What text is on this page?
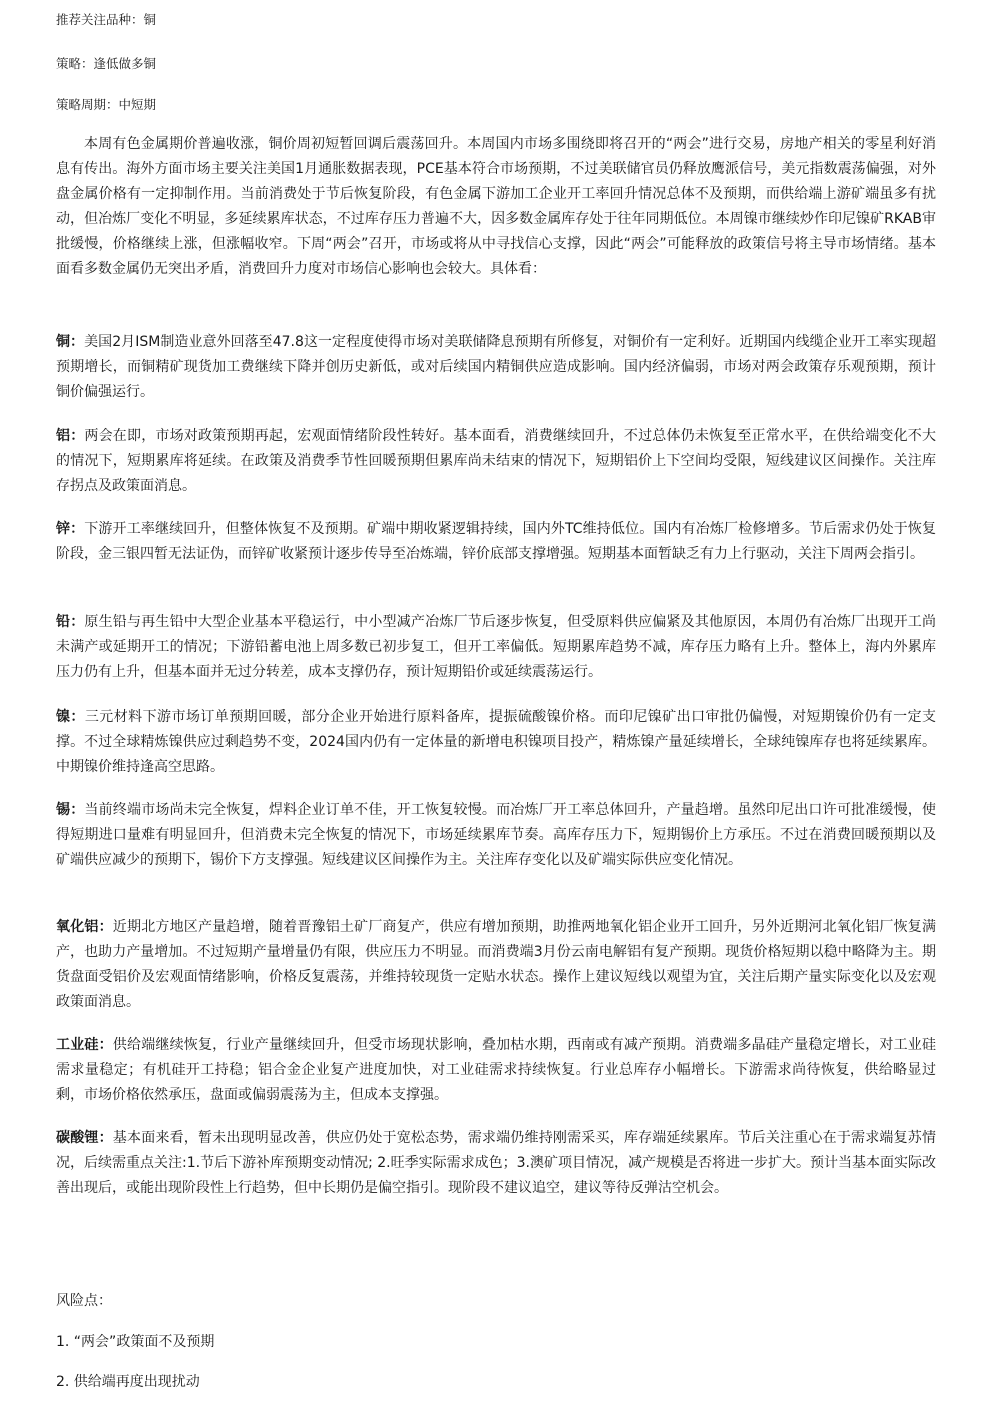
推荐关注品种：铜
策略：逢低做多铜
策略周期：中短期

本周有色金属期价普遍收涨，铜价周初短暂回调后震荡回升。本周国内市场多围绕即将召开的“两会”进行交易，房地产相关的零星利好消息有传出。海外方面市场主要关注美国1月通胀数据表现，PCE基本符合市场预期，不过美联储官员仍释放鹰派信号，美元指数震荡偏强，对外盘金属价格有一定抑制作用。当前消费处于节后恢复阶段，有色金属下游加工企业开工率回升情况总体不及预期，而供给端上游矿端虽多有扰动，但冶炼厂变化不明显，多延续累库状态，不过库存压力普遍不大，因多数金属库存处于往年同期低位。本周镍市继续炒作印尼镍矿RKAB审批缓慢，价格继续上涨，但涨幅收窄。下周“两会”召开，市场或将从中寻找信心支撑，因此“两会”可能释放的政策信号将主导市场情绪。基本面看多数金属仍无突出矛盾，消费回升力度对市场信心影响也会较大。具体看：

铜：美国2月ISM制造业意外回落至47.8这一定程度使得市场对美联储降息预期有所修复，对铜价有一定利好。近期国内线缆企业开工率实现超预期增长，而铜精矿现货加工费继续下降并创历史新低，或对后续国内精铜供应造成影响。国内经济偏弱，市场对两会政策存乐观预期，预计铜价偏强运行。

铝：两会在即，市场对政策预期再起，宏观面情绪阶段性转好。基本面看，消费继续回升，不过总体仍未恢复至正常水平，在供给端变化不大的情况下，短期累库将延续。在政策及消费季节性回暖预期但累库尚未结束的情况下，短期铝价上下空间均受限，短线建议区间操作。关注库存拐点及政策面消息。

锌：下游开工率继续回升，但整体恢复不及预期。矿端中期收紧逻辑持续，国内外TC维持低位。国内有冶炼厂检修增多。节后需求仍处于恢复阶段，金三银四暂无法证伪，而锌矿收紧预计逐步传导至冶炼端，锌价底部支撑增强。短期基本面暂缺乏有力上行驱动，关注下周两会指引。

铅：原生铅与再生铅中大型企业基本平稳运行，中小型减产冶炼厂节后逐步恢复，但受原料供应偏紧及其他原因，本周仍有冶炼厂出现开工尚未满产或延期开工的情况；下游铅蓄电池上周多数已初步复工，但开工率偏低。短期累库趋势不减，库存压力略有上升。整体上，海内外累库压力仍有上升，但基本面并无过分转差，成本支撑仍存，预计短期铅价或延续震荡运行。

镍：三元材料下游市场订单预期回暖，部分企业开始进行原料备库，提振硫酸镍价格。而印尼镍矿出口审批仍偏慢，对短期镍价仍有一定支撑。不过全球精炼镍供应过剩趋势不变，2024国内仍有一定体量的新增电积镍项目投产，精炼镍产量延续增长，全球纯镍库存也将延续累库。中期镍价维持逢高空思路。

锡：当前终端市场尚未完全恢复，焊料企业订单不佳，开工恢复较慢。而冶炼厂开工率总体回升，产量趋增。虽然印尼出口许可批准缓慢，使得短期进口量难有明显回升，但消费未完全恢复的情况下，市场延续累库节奏。高库存压力下，短期锡价上方承压。不过在消费回暖预期以及矿端供应减少的预期下，锡价下方支撑强。短线建议区间操作为主。关注库存变化以及矿端实际供应变化情况。

氧化铝：近期北方地区产量趋增，随着晋豫铝土矿厂商复产，供应有增加预期，助推两地氧化铝企业开工回升，另外近期河北氧化铝厂恢复满产，也助力产量增加。不过短期产量增量仍有限，供应压力不明显。而消费端3月份云南电解铝有复产预期。现货价格短期以稳中略降为主。期货盘面受铝价及宏观面情绪影响，价格反复震荡，并维持较现货一定贴水状态。操作上建议短线以观望为宜，关注后期产量实际变化以及宏观政策面消息。

工业硅：供给端继续恢复，行业产量继续回升，但受市场现状影响，叠加枯水期，西南或有减产预期。消费端多晶硅产量稳定增长，对工业硅需求量稳定；有机硅开工持稳；铝合金企业复产进度加快，对工业硅需求持续恢复。行业总库存小幅增长。下游需求尚待恢复，供给略显过剩，市场价格依然承压，盘面或偏弱震荡为主，但成本支撑强。

碳酸锂：基本面来看，暂未出现明显改善，供应仍处于宽松态势，需求端仍维持刚需采买，库存端延续累库。节后关注重心在于需求端复苏情况，后续需重点关注:1.节后下游补库预期变动情况; 2.旺季实际需求成色；3.澳矿项目情况，减产规模是否将进一步扩大。预计当基本面实际改善出现后，或能出现阶段性上行趋势，但中长期仍是偏空指引。现阶段不建议追空，建议等待反弹沽空机会。

风险点：
1. “两会”政策面不及预期
2. 供给端再度出现扰动
